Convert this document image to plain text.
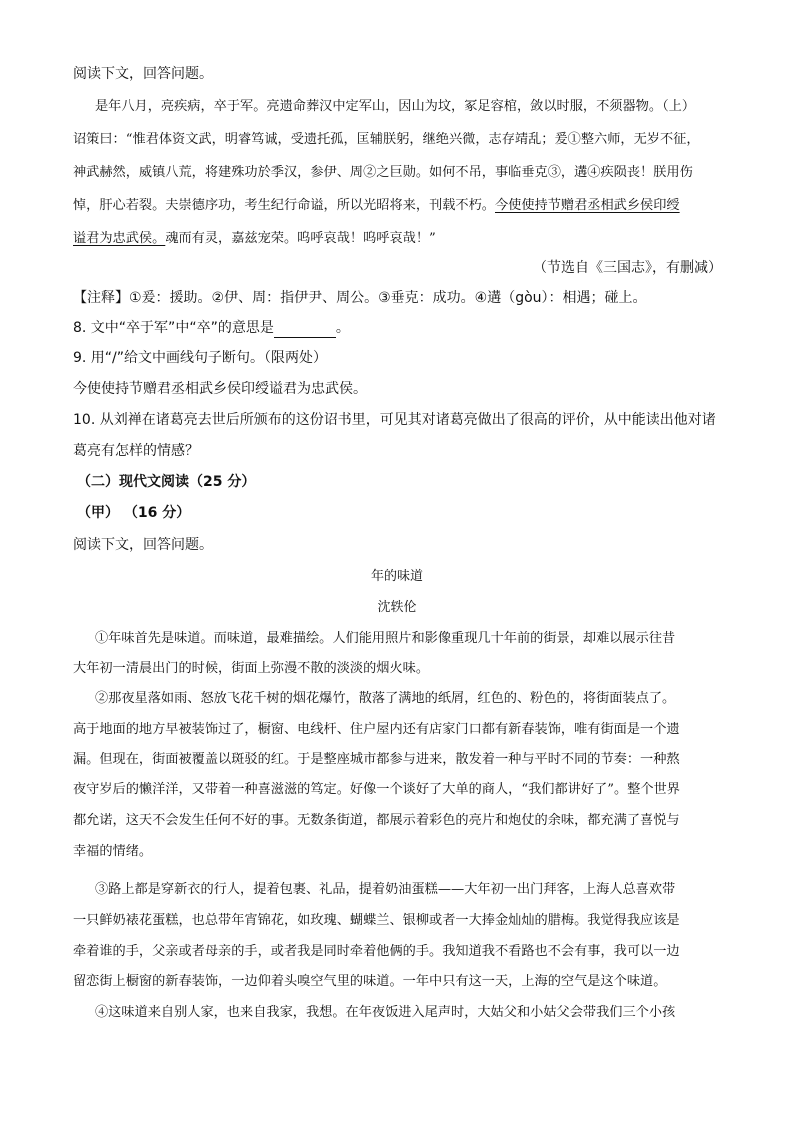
阅读下文，回答问题。
是年八月，亮疾病，卒于军。亮遗命葬汉中定军山，因山为坟，冢足容棺，敛以时服，不须器物。（上）
诏策曰：“惟君体资文武，明睿笃诚，受遗托孤，匡辅朕躬，继绝兴微，志存靖乱；爰①整六师，无岁不征，
神武赫然，威镇八荒，将建殊功於季汉，参伊、周②之巨勋。如何不吊，事临垂克③，遘④疾陨丧！朕用伤
悼，肝心若裂。夫崇德序功，考生纪行命谥，所以光昭将来，刊载不朽。今使使持节赠君丞相武乡侯印绶
谥君为忠武侯。魂而有灵，嘉兹宠荣。呜呼哀哉！呜呼哀哉！”
（节选自《三国志》，有删减）
【注释】①爰：援助。②伊、周：指伊尹、周公。③垂克：成功。④遘（gòu）：相遇；碰上。
8. 文中“卒于军”中“卒”的意思是	。
9. 用“/”给文中画线句子断句。（限两处）
今使使持节赠君丞相武乡侯印绶谥君为忠武侯。
10. 从刘禅在诸葛亮去世后所颁布的这份诏书里，可见其对诸葛亮做出了很高的评价，从中能读出他对诸
葛亮有怎样的情感？
（二）现代文阅读（25 分）
（甲） （16 分）
阅读下文，回答问题。
年的味道
沈轶伦
①年味首先是味道。而味道，最难描绘。人们能用照片和影像重现几十年前的街景，却难以展示往昔
大年初一清晨出门的时候，街面上弥漫不散的淡淡的烟火味。
②那夜星落如雨、怒放飞花千树的烟花爆竹，散落了满地的纸屑，红色的、粉色的，将街面装点了。
高于地面的地方早被装饰过了，橱窗、电线杆、住户屋内还有店家门口都有新春装饰，唯有街面是一个遗
漏。但现在，街面被覆盖以斑驳的红。于是整座城市都参与进来，散发着一种与平时不同的节奏：一种熬
夜守岁后的懒洋洋，又带着一种喜滋滋的笃定。好像一个谈好了大单的商人，“我们都讲好了”。整个世界
都允诺，这天不会发生任何不好的事。无数条街道，都展示着彩色的亮片和炮仗的余味，都充满了喜悦与
幸福的情绪。
③路上都是穿新衣的行人，提着包裹、礼品，提着奶油蛋糕——大年初一出门拜客，上海人总喜欢带
一只鲜奶裱花蛋糕，也总带年宵锦花，如玫瑰、蝴蝶兰、银柳或者一大捧金灿灿的腊梅。我觉得我应该是
牵着谁的手，父亲或者母亲的手，或者我是同时牵着他俩的手。我知道我不看路也不会有事，我可以一边
留恋街上橱窗的新春装饰，一边仰着头嗅空气里的味道。一年中只有这一天，上海的空气是这个味道。
④这味道来自别人家，也来自我家，我想。在年夜饭进入尾声时，大姑父和小姑父会带我们三个小孩
